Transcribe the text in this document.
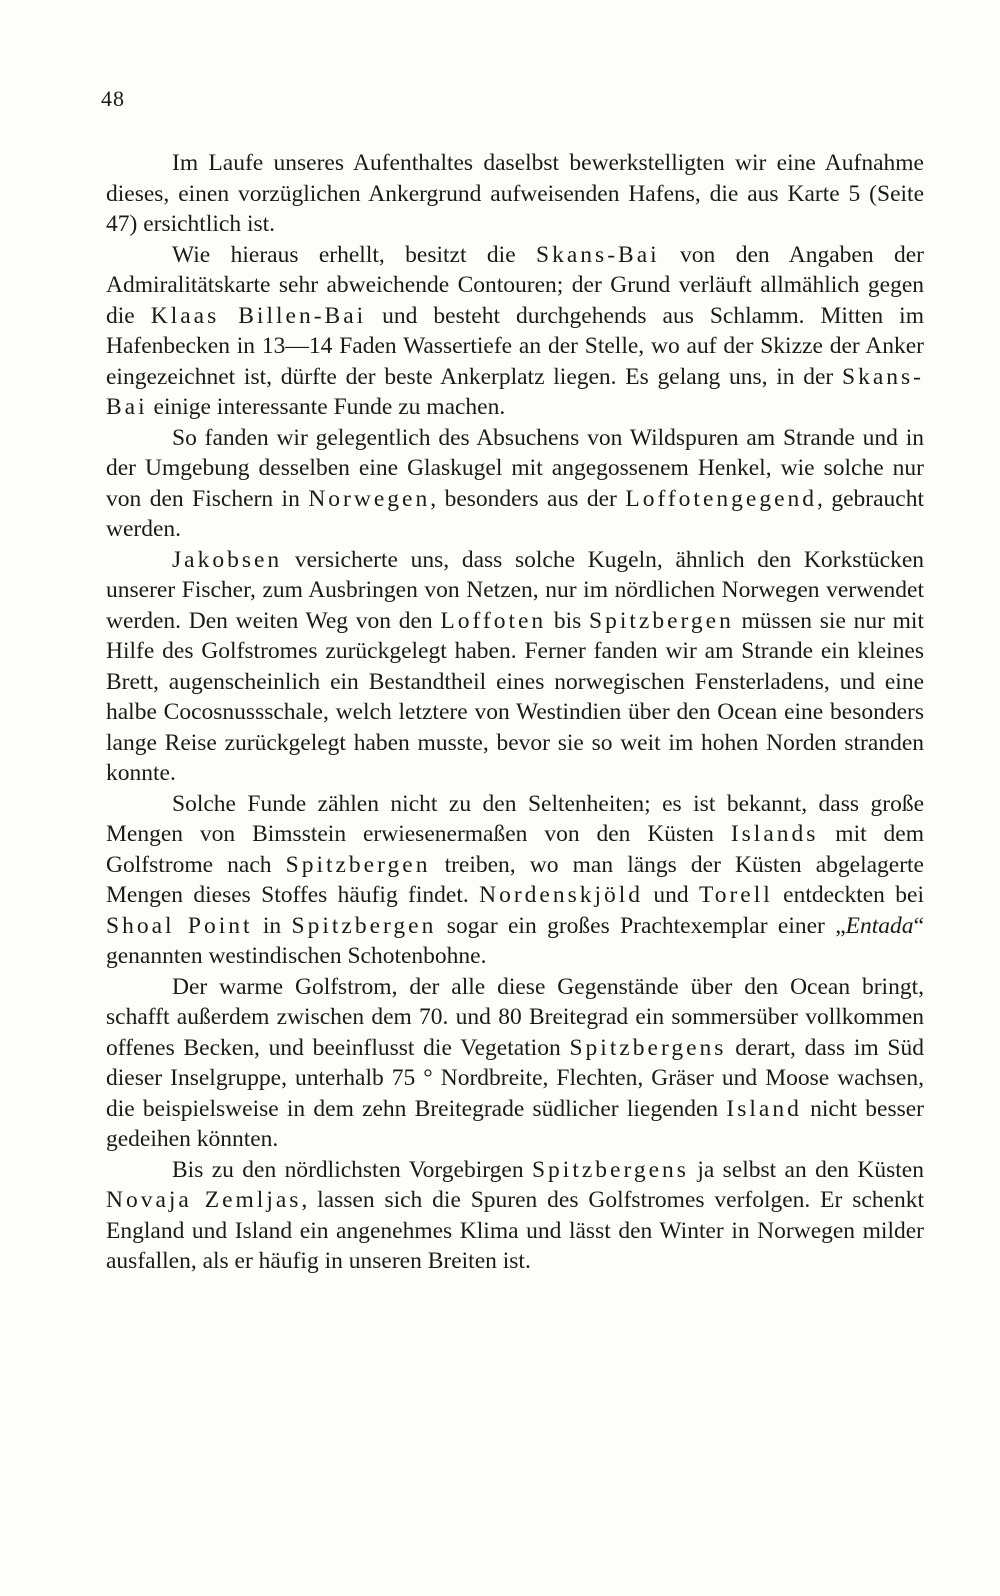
48

Im Laufe unseres Aufenthaltes daselbst bewerkstelligten wir eine Aufnahme dieses, einen vorzüglichen Ankergrund aufweisenden Hafens, die aus Karte 5 (Seite 47) ersichtlich ist.

Wie hieraus erhellt, besitzt die Skans-Bai von den Angaben der Admiralitätskarte sehr abweichende Contouren; der Grund verläuft allmählich gegen die Klaas Billen-Bai und besteht durchgehends aus Schlamm. Mitten im Hafenbecken in 13—14 Faden Wassertiefe an der Stelle, wo auf der Skizze der Anker eingezeichnet ist, dürfte der beste Ankerplatz liegen. Es gelang uns, in der Skans-Bai einige interessante Funde zu machen.

So fanden wir gelegentlich des Absuchens von Wildspuren am Strande und in der Umgebung desselben eine Glaskugel mit angegossenem Henkel, wie solche nur von den Fischern in Norwegen, besonders aus der Loffotengegend, gebraucht werden.

Jakobsen versicherte uns, dass solche Kugeln, ähnlich den Korkstücken unserer Fischer, zum Ausbringen von Netzen, nur im nördlichen Norwegen verwendet werden. Den weiten Weg von den Loffoten bis Spitzbergen müssen sie nur mit Hilfe des Golfstromes zurückgelegt haben. Ferner fanden wir am Strande ein kleines Brett, augenscheinlich ein Bestandtheil eines norwegischen Fensterladens, und eine halbe Cocosnussschale, welch letztere von Westindien über den Ocean eine besonders lange Reise zurückgelegt haben musste, bevor sie so weit im hohen Norden stranden konnte.

Solche Funde zählen nicht zu den Seltenheiten; es ist bekannt, dass große Mengen von Bimsstein erwiesenermaßen von den Küsten Islands mit dem Golfstrome nach Spitzbergen treiben, wo man längs der Küsten abgelagerte Mengen dieses Stoffes häufig findet. Nordenskjöld und Torell entdeckten bei Shoal Point in Spitzbergen sogar ein großes Prachtexemplar einer „Entada“ genannten westindischen Schotenbohne.

Der warme Golfstrom, der alle diese Gegenstände über den Ocean bringt, schafft außerdem zwischen dem 70. und 80 Breitegrad ein sommersüber vollkommen offenes Becken, und beeinflusst die Vegetation Spitzbergens derart, dass im Süd dieser Inselgruppe, unterhalb 75 ° Nordbreite, Flechten, Gräser und Moose wachsen, die beispielsweise in dem zehn Breitegrade südlicher liegenden Island nicht besser gedeihen könnten.

Bis zu den nördlichsten Vorgebirgen Spitzbergens ja selbst an den Küsten Novaja Zemljas, lassen sich die Spuren des Golfstromes verfolgen. Er schenkt England und Island ein angenehmes Klima und lässt den Winter in Norwegen milder ausfallen, als er häufig in unseren Breiten ist.
